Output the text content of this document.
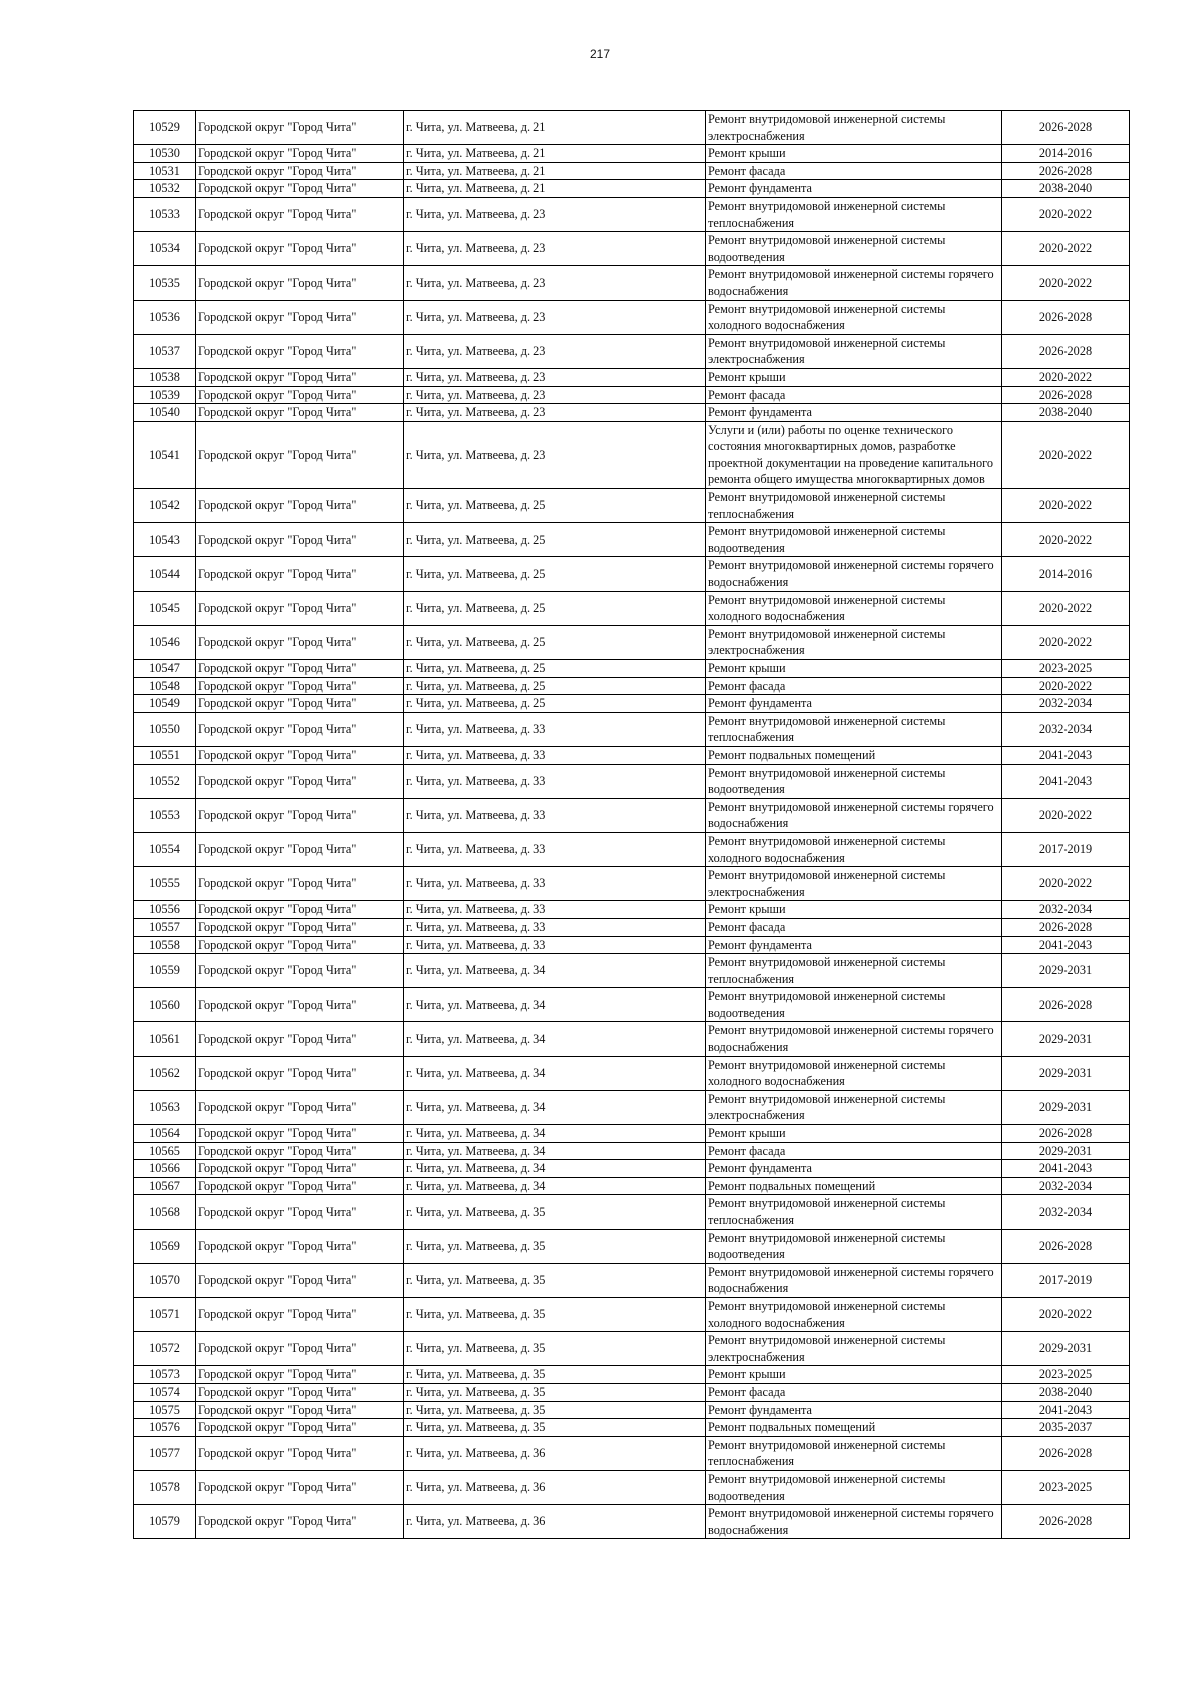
217
10529	Городской округ "Город Чита"	г. Чита, ул. Матвеева, д. 21	Ремонт внутридомовой инженерной системы электроснабжения	2026-2028
10530	Городской округ "Город Чита"	г. Чита, ул. Матвеева, д. 21	Ремонт крыши	2014-2016
10531	Городской округ "Город Чита"	г. Чита, ул. Матвеева, д. 21	Ремонт фасада	2026-2028
10532	Городской округ "Город Чита"	г. Чита, ул. Матвеева, д. 21	Ремонт фундамента	2038-2040
10533	Городской округ "Город Чита"	г. Чита, ул. Матвеева, д. 23	Ремонт внутридомовой инженерной системы теплоснабжения	2020-2022
10534	Городской округ "Город Чита"	г. Чита, ул. Матвеева, д. 23	Ремонт внутридомовой инженерной системы водоотведения	2020-2022
10535	Городской округ "Город Чита"	г. Чита, ул. Матвеева, д. 23	Ремонт внутридомовой инженерной системы горячего водоснабжения	2020-2022
10536	Городской округ "Город Чита"	г. Чита, ул. Матвеева, д. 23	Ремонт внутридомовой инженерной системы холодного водоснабжения	2026-2028
10537	Городской округ "Город Чита"	г. Чита, ул. Матвеева, д. 23	Ремонт внутридомовой инженерной системы электроснабжения	2026-2028
10538	Городской округ "Город Чита"	г. Чита, ул. Матвеева, д. 23	Ремонт крыши	2020-2022
10539	Городской округ "Город Чита"	г. Чита, ул. Матвеева, д. 23	Ремонт фасада	2026-2028
10540	Городской округ "Город Чита"	г. Чита, ул. Матвеева, д. 23	Ремонт фундамента	2038-2040
10541	Городской округ "Город Чита"	г. Чита, ул. Матвеева, д. 23	Услуги и (или) работы по оценке технического состояния многоквартирных домов, разработке проектной документации на проведение капитального ремонта общего имущества многоквартирных домов	2020-2022
10542	Городской округ "Город Чита"	г. Чита, ул. Матвеева, д. 25	Ремонт внутридомовой инженерной системы теплоснабжения	2020-2022
10543	Городской округ "Город Чита"	г. Чита, ул. Матвеева, д. 25	Ремонт внутридомовой инженерной системы водоотведения	2020-2022
10544	Городской округ "Город Чита"	г. Чита, ул. Матвеева, д. 25	Ремонт внутридомовой инженерной системы горячего водоснабжения	2014-2016
10545	Городской округ "Город Чита"	г. Чита, ул. Матвеева, д. 25	Ремонт внутридомовой инженерной системы холодного водоснабжения	2020-2022
10546	Городской округ "Город Чита"	г. Чита, ул. Матвеева, д. 25	Ремонт внутридомовой инженерной системы электроснабжения	2020-2022
10547	Городской округ "Город Чита"	г. Чита, ул. Матвеева, д. 25	Ремонт крыши	2023-2025
10548	Городской округ "Город Чита"	г. Чита, ул. Матвеева, д. 25	Ремонт фасада	2020-2022
10549	Городской округ "Город Чита"	г. Чита, ул. Матвеева, д. 25	Ремонт фундамента	2032-2034
10550	Городской округ "Город Чита"	г. Чита, ул. Матвеева, д. 33	Ремонт внутридомовой инженерной системы теплоснабжения	2032-2034
10551	Городской округ "Город Чита"	г. Чита, ул. Матвеева, д. 33	Ремонт подвальных помещений	2041-2043
10552	Городской округ "Город Чита"	г. Чита, ул. Матвеева, д. 33	Ремонт внутридомовой инженерной системы водоотведения	2041-2043
10553	Городской округ "Город Чита"	г. Чита, ул. Матвеева, д. 33	Ремонт внутридомовой инженерной системы горячего водоснабжения	2020-2022
10554	Городской округ "Город Чита"	г. Чита, ул. Матвеева, д. 33	Ремонт внутридомовой инженерной системы холодного водоснабжения	2017-2019
10555	Городской округ "Город Чита"	г. Чита, ул. Матвеева, д. 33	Ремонт внутридомовой инженерной системы электроснабжения	2020-2022
10556	Городской округ "Город Чита"	г. Чита, ул. Матвеева, д. 33	Ремонт крыши	2032-2034
10557	Городской округ "Город Чита"	г. Чита, ул. Матвеева, д. 33	Ремонт фасада	2026-2028
10558	Городской округ "Город Чита"	г. Чита, ул. Матвеева, д. 33	Ремонт фундамента	2041-2043
10559	Городской округ "Город Чита"	г. Чита, ул. Матвеева, д. 34	Ремонт внутридомовой инженерной системы теплоснабжения	2029-2031
10560	Городской округ "Город Чита"	г. Чита, ул. Матвеева, д. 34	Ремонт внутридомовой инженерной системы водоотведения	2026-2028
10561	Городской округ "Город Чита"	г. Чита, ул. Матвеева, д. 34	Ремонт внутридомовой инженерной системы горячего водоснабжения	2029-2031
10562	Городской округ "Город Чита"	г. Чита, ул. Матвеева, д. 34	Ремонт внутридомовой инженерной системы холодного водоснабжения	2029-2031
10563	Городской округ "Город Чита"	г. Чита, ул. Матвеева, д. 34	Ремонт внутридомовой инженерной системы электроснабжения	2029-2031
10564	Городской округ "Город Чита"	г. Чита, ул. Матвеева, д. 34	Ремонт крыши	2026-2028
10565	Городской округ "Город Чита"	г. Чита, ул. Матвеева, д. 34	Ремонт фасада	2029-2031
10566	Городской округ "Город Чита"	г. Чита, ул. Матвеева, д. 34	Ремонт фундамента	2041-2043
10567	Городской округ "Город Чита"	г. Чита, ул. Матвеева, д. 34	Ремонт подвальных помещений	2032-2034
10568	Городской округ "Город Чита"	г. Чита, ул. Матвеева, д. 35	Ремонт внутридомовой инженерной системы теплоснабжения	2032-2034
10569	Городской округ "Город Чита"	г. Чита, ул. Матвеева, д. 35	Ремонт внутридомовой инженерной системы водоотведения	2026-2028
10570	Городской округ "Город Чита"	г. Чита, ул. Матвеева, д. 35	Ремонт внутридомовой инженерной системы горячего водоснабжения	2017-2019
10571	Городской округ "Город Чита"	г. Чита, ул. Матвеева, д. 35	Ремонт внутридомовой инженерной системы холодного водоснабжения	2020-2022
10572	Городской округ "Город Чита"	г. Чита, ул. Матвеева, д. 35	Ремонт внутридомовой инженерной системы электроснабжения	2029-2031
10573	Городской округ "Город Чита"	г. Чита, ул. Матвеева, д. 35	Ремонт крыши	2023-2025
10574	Городской округ "Город Чита"	г. Чита, ул. Матвеева, д. 35	Ремонт фасада	2038-2040
10575	Городской округ "Город Чита"	г. Чита, ул. Матвеева, д. 35	Ремонт фундамента	2041-2043
10576	Городской округ "Город Чита"	г. Чита, ул. Матвеева, д. 35	Ремонт подвальных помещений	2035-2037
10577	Городской округ "Город Чита"	г. Чита, ул. Матвеева, д. 36	Ремонт внутридомовой инженерной системы теплоснабжения	2026-2028
10578	Городской округ "Город Чита"	г. Чита, ул. Матвеева, д. 36	Ремонт внутридомовой инженерной системы водоотведения	2023-2025
10579	Городской округ "Город Чита"	г. Чита, ул. Матвеева, д. 36	Ремонт внутридомовой инженерной системы горячего водоснабжения	2026-2028
